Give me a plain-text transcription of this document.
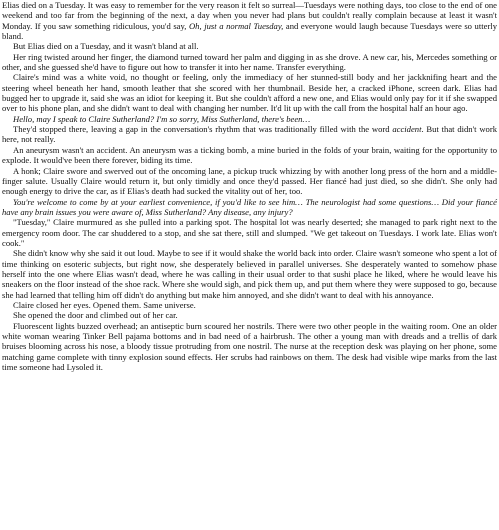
Elias died on a Tuesday. It was easy to remember for the very reason it felt so surreal—Tuesdays were nothing days, too close to the end of one weekend and too far from the beginning of the next, a day when you never had plans but couldn't really complain because at least it wasn't Monday. If you saw something ridiculous, you'd say, Oh, just a normal Tuesday, and everyone would laugh because Tuesdays were so utterly bland.

But Elias died on a Tuesday, and it wasn't bland at all.

Her ring twisted around her finger, the diamond turned toward her palm and digging in as she drove. A new car, his, Mercedes something or other, and she guessed she'd have to figure out how to transfer it into her name. Transfer everything.

Claire's mind was a white void, no thought or feeling, only the immediacy of her stunned-still body and her jackknifing heart and the steering wheel beneath her hand, smooth leather that she scored with her thumbnail. Beside her, a cracked iPhone, screen dark. Elias had bugged her to upgrade it, said she was an idiot for keeping it. But she couldn't afford a new one, and Elias would only pay for it if she swapped over to his phone plan, and she didn't want to deal with changing her number. It'd lit up with the call from the hospital half an hour ago.

Hello, may I speak to Claire Sutherland? I'm so sorry, Miss Sutherland, there's been…

They'd stopped there, leaving a gap in the conversation's rhythm that was traditionally filled with the word accident. But that didn't work here, not really.

An aneurysm wasn't an accident. An aneurysm was a ticking bomb, a mine buried in the folds of your brain, waiting for the opportunity to explode. It would've been there forever, biding its time.

A honk; Claire swore and swerved out of the oncoming lane, a pickup truck whizzing by with another long press of the horn and a middle-finger salute. Usually Claire would return it, but only timidly and once they'd passed. Her fiancé had just died, so she didn't. She only had enough energy to drive the car, as if Elias's death had sucked the vitality out of her, too.

You're welcome to come by at your earliest convenience, if you'd like to see him… The neurologist had some questions… Did your fiancé have any brain issues you were aware of, Miss Sutherland? Any disease, any injury?

"Tuesday," Claire murmured as she pulled into a parking spot. The hospital lot was nearly deserted; she managed to park right next to the emergency room door. The car shuddered to a stop, and she sat there, still and slumped. "We get takeout on Tuesdays. I work late. Elias won't cook."

She didn't know why she said it out loud. Maybe to see if it would shake the world back into order. Claire wasn't someone who spent a lot of time thinking on esoteric subjects, but right now, she desperately believed in parallel universes. She desperately wanted to somehow phase herself into the one where Elias wasn't dead, where he was calling in their usual order to that sushi place he liked, where he would leave his sneakers on the floor instead of the shoe rack. Where she would sigh, and pick them up, and put them where they were supposed to go, because she had learned that telling him off didn't do anything but make him annoyed, and she didn't want to deal with his annoyance.

Claire closed her eyes. Opened them. Same universe.

She opened the door and climbed out of her car.

Fluorescent lights buzzed overhead; an antiseptic burn scoured her nostrils. There were two other people in the waiting room. One an older white woman wearing Tinker Bell pajama bottoms and in bad need of a hairbrush. The other a young man with dreads and a trellis of dark bruises blooming across his nose, a bloody tissue protruding from one nostril. The nurse at the reception desk was playing on her phone, some matching game complete with tinny explosion sound effects. Her scrubs had rainbows on them. The desk had visible wipe marks from the last time someone had Lysoled it.
